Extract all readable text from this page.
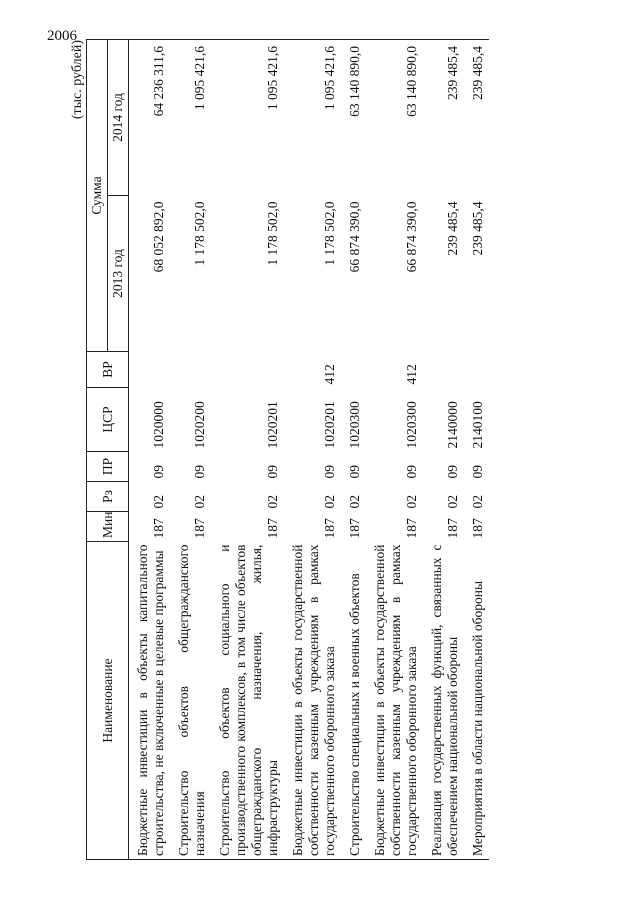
2006
(тыс. рублей)
Наименование	Мин	Рз	ПР	ЦСР	ВР	Сумма	
						2013 год	2014 год
Бюджетные инвестиции в объекты капитального строительства, не включенные в целевые программы	187	02	09	1020000		68 052 892,0	64 236 311,6
Строительство объектов общегражданского назначения	187	02	09	1020200		1 178 502,0	1 095 421,6
Строительство объектов социального и производственного комплексов, в том числе объектов общегражданского назначения, жилья, инфраструктуры	187	02	09	1020201		1 178 502,0	1 095 421,6
Бюджетные инвестиции в объекты государственной собственности казенным учреждениям в рамках государственного оборонного заказа	187	02	09	1020201	412	1 178 502,0	1 095 421,6
Строительство специальных и военных объектов	187	02	09	1020300		66 874 390,0	63 140 890,0
Бюджетные инвестиции в объекты государственной собственности казенным учреждениям в рамках государственного оборонного заказа	187	02	09	1020300	412	66 874 390,0	63 140 890,0
Реализация государственных функций, связанных с обеспечением национальной обороны	187	02	09	2140000		239 485,4	239 485,4
Мероприятия в области национальной обороны	187	02	09	2140100		239 485,4	239 485,4
